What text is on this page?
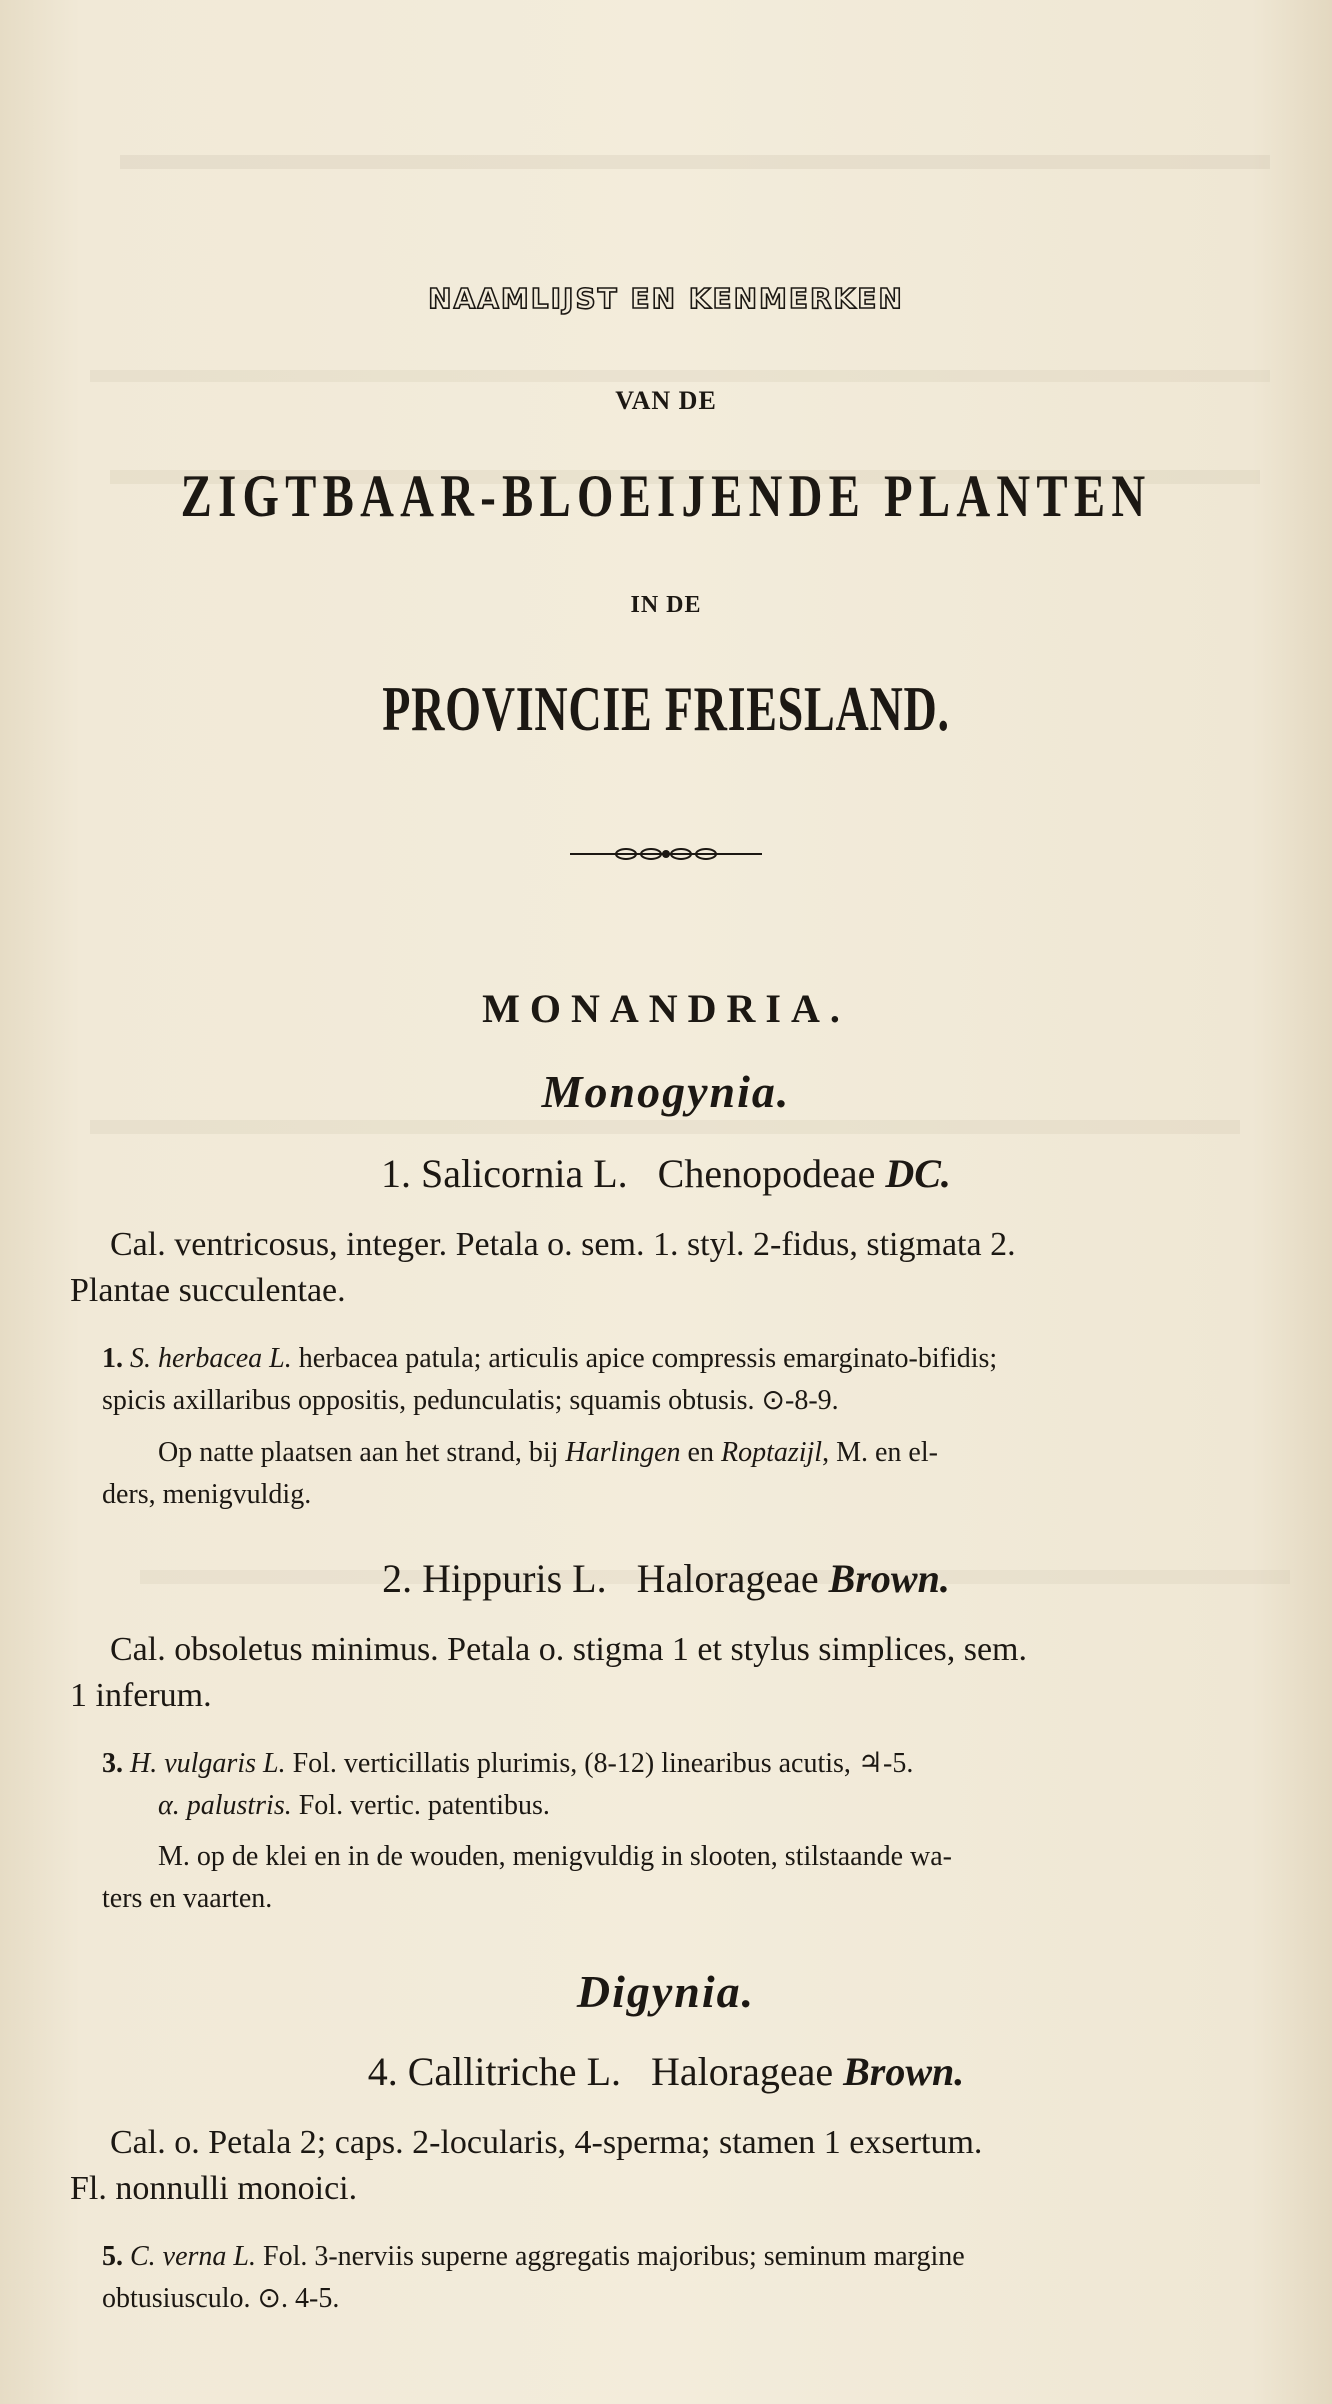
NAAMLIJST EN KENMERKEN
VAN DE
ZIGTBAAR-BLOEIJENDE PLANTEN
IN DE
PROVINCIE FRIESLAND.
MONANDRIA.
Monogynia.
1. Salicornia L. Chenopodeae DC.
Cal. ventricosus, integer. Petala o. sem. 1. styl. 2-fidus, stigmata 2.
Plantae succulentae.
1. S. herbacea L. herbacea patula; articulis apice compressis emarginato-bifidis;
spicis axillaribus oppositis, pedunculatis; squamis obtusis. ⊙-8-9.
Op natte plaatsen aan het strand, bij Harlingen en Roptazijl, M. en el-
ders, menigvuldig.
2. Hippuris L. Halorageae Brown.
Cal. obsoletus minimus. Petala o. stigma 1 et stylus simplices, sem.
1 inferum.
3. H. vulgaris L. Fol. verticillatis plurimis, (8-12) linearibus acutis, ♃-5.
α. palustris. Fol. vertic. patentibus.
M. op de klei en in de wouden, menigvuldig in slooten, stilstaande wa-
ters en vaarten.
Digynia.
4. Callitriche L. Halorageae Brown.
Cal. o. Petala 2; caps. 2-locularis, 4-sperma; stamen 1 exsertum.
Fl. nonnulli monoici.
5. C. verna L. Fol. 3-nerviis superne aggregatis majoribus; seminum margine
obtusiusculo. ⊙. 4-5.
